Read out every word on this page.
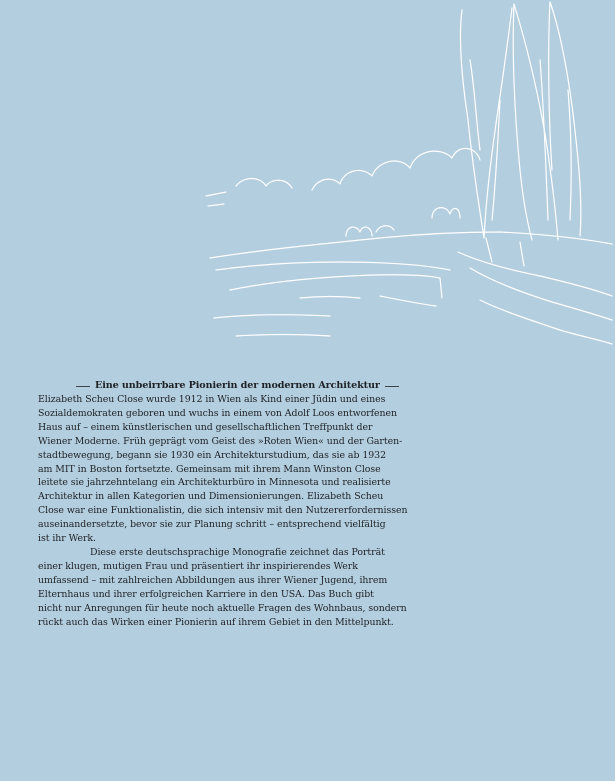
Eine unbeirrbare Pionierin der modernen Architektur
Elizabeth Scheu Close wurde 1912 in Wien als Kind einer Jüdin und eines
Sozialdemokraten geboren und wuchs in einem von Adolf Loos entworfenen
Haus auf – einem künstlerischen und gesellschaftlichen Treffpunkt der
Wiener Moderne. Früh geprägt vom Geist des »Roten Wien« und der Garten-
stadtbewegung, begann sie 1930 ein Architekturstudium, das sie ab 1932
am MIT in Boston fortsetzte. Gemeinsam mit ihrem Mann Winston Close
leitete sie jahrzehntelang ein Architekturbüro in Minnesota und realisierte
Architektur in allen Kategorien und Dimensionierungen. Elizabeth Scheu
Close war eine Funktionalistin, die sich intensiv mit den Nutzererfordernissen
auseinandersetzte, bevor sie zur Planung schritt – entsprechend vielfältig
ist ihr Werk.
Diese erste deutschsprachige Monografie zeichnet das Porträt
einer klugen, mutigen Frau und präsentiert ihr inspirierendes Werk
umfassend – mit zahlreichen Abbildungen aus ihrer Wiener Jugend, ihrem
Elternhaus und ihrer erfolgreichen Karriere in den USA. Das Buch gibt
nicht nur Anregungen für heute noch aktuelle Fragen des Wohnbaus, sondern
rückt auch das Wirken einer Pionierin auf ihrem Gebiet in den Mittelpunkt.
